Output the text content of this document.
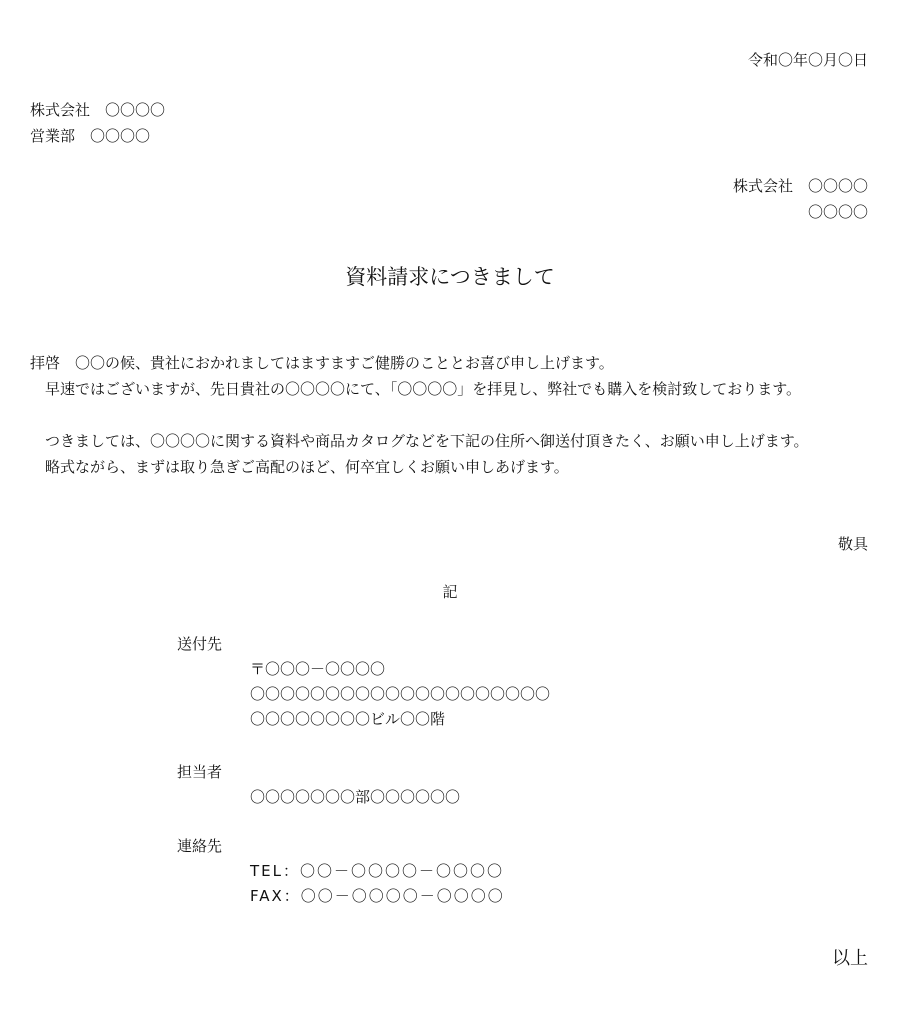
令和〇年〇月〇日
株式会社　〇〇〇〇
営業部　〇〇〇〇
株式会社　〇〇〇〇
〇〇〇〇
資料請求につきまして

拝啓　〇〇の候、貴社におかれましてはますますご健勝のこととお喜び申し上げます。

早速ではございますが、先日貴社の〇〇〇〇にて、「〇〇〇〇」を拝見し、弊社でも購入を検討致しております。

つきましては、〇〇〇〇に関する資料や商品カタログなどを下記の住所へ御送付頂きたく、お願い申し上げます。

略式ながら、まずは取り急ぎご高配のほど、何卒宜しくお願い申しあげます。

敬具
記
送付先
〒〇〇〇－〇〇〇〇
〇〇〇〇〇〇〇〇〇〇〇〇〇〇〇〇〇〇〇〇
〇〇〇〇〇〇〇〇ビル〇〇階
担当者
〇〇〇〇〇〇〇部〇〇〇〇〇〇
連絡先
TEL：〇〇－〇〇〇〇－〇〇〇〇
FAX：〇〇－〇〇〇〇－〇〇〇〇
以上
